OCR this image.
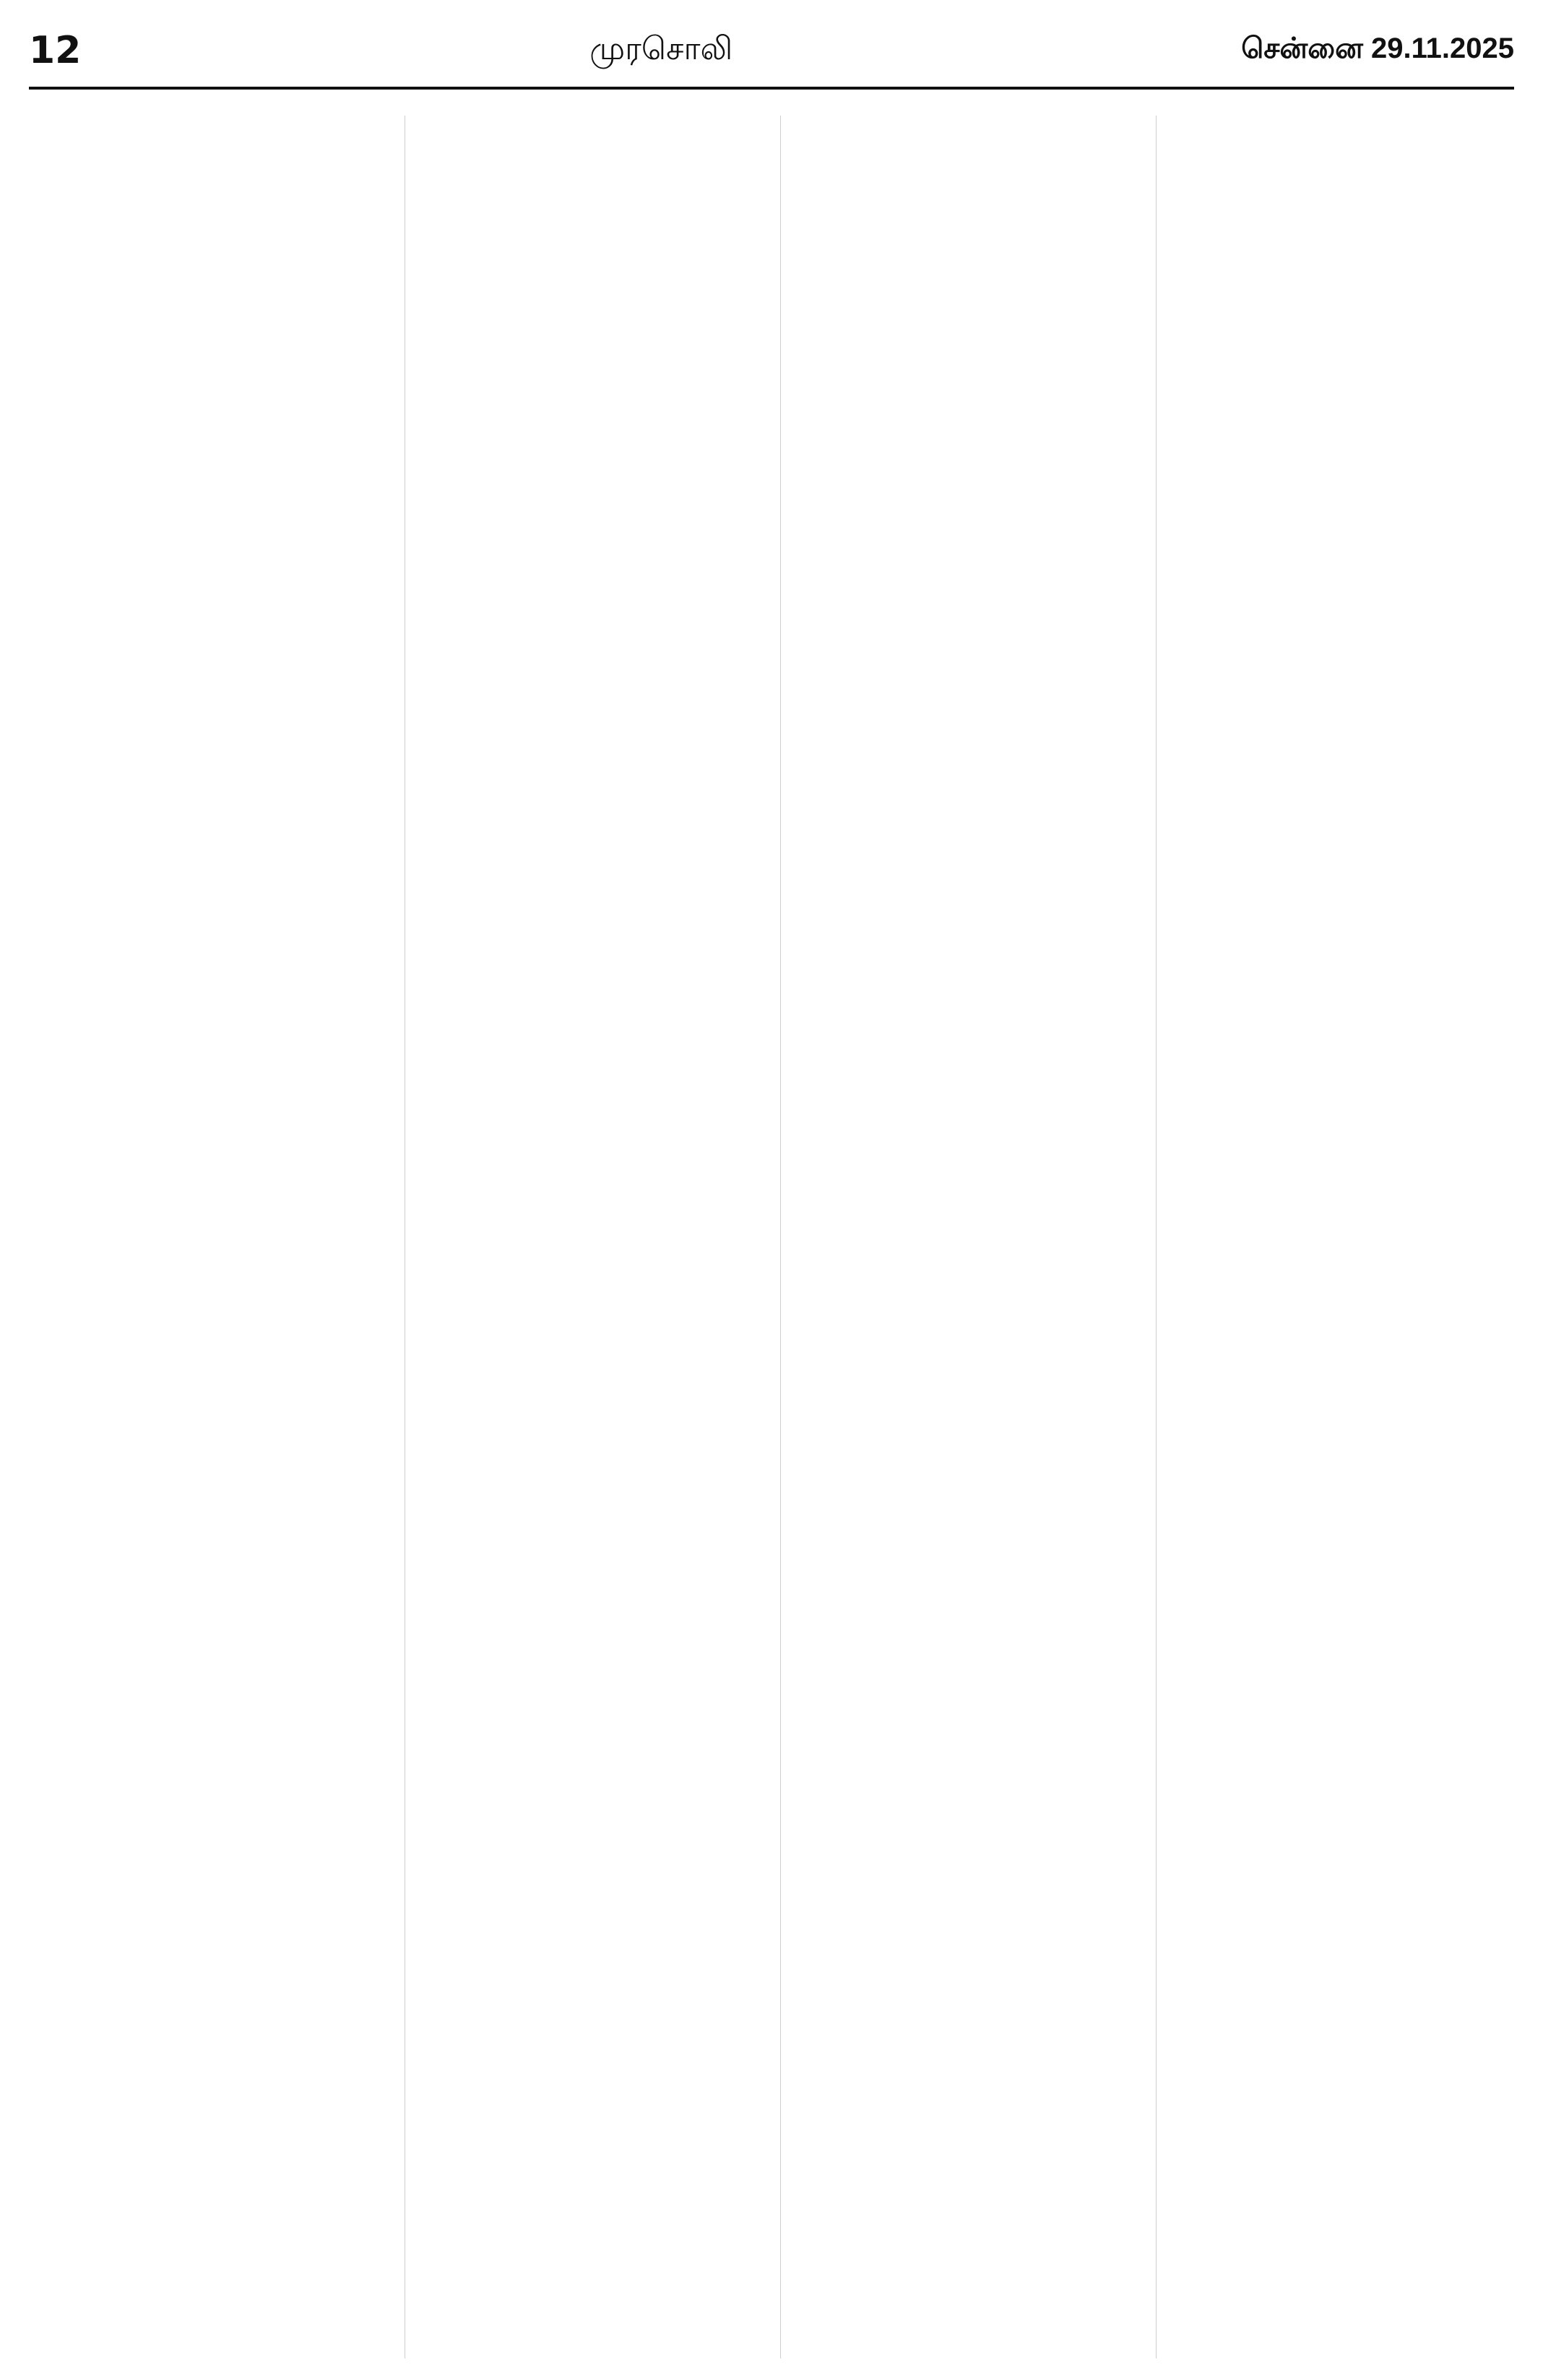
12	முரசொலி	சென்னை 29.11.2025
